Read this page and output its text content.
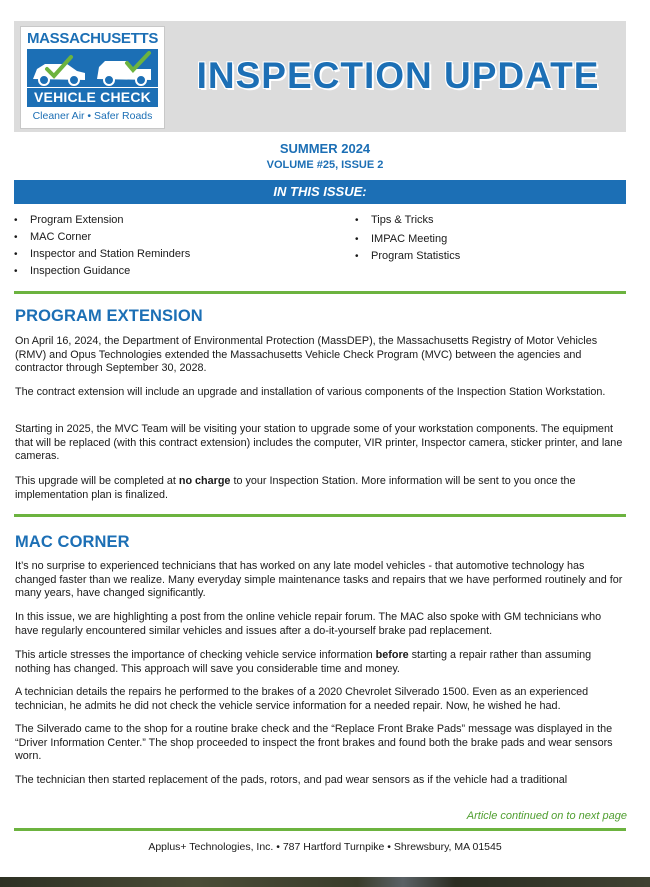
MASSACHUSETTS
VEHICLE CHECK
Cleaner Air • Safer Roads
INSPECTION UPDATE
SUMMER 2024
VOLUME #25, ISSUE 2
IN THIS ISSUE:
• Program Extension
• MAC Corner
• Inspector and Station Reminders
• Inspection Guidance
• Tips & Tricks
• IMPAC Meeting
• Program Statistics
PROGRAM EXTENSION

On April 16, 2024, the Department of Environmental Protection (MassDEP), the Massachusetts Registry of Motor Vehicles (RMV) and Opus Technologies extended the Massachusetts Vehicle Check Program (MVC) between the agencies and contractor through September 30, 2028.

The contract extension will include an upgrade and installation of various components of the Inspection Station Workstation.

Starting in 2025, the MVC Team will be visiting your station to upgrade some of your workstation components. The equipment that will be replaced (with this contract extension) includes the computer, VIR printer, Inspector camera, sticker printer, and lane cameras.

This upgrade will be completed at no charge to your Inspection Station. More information will be sent to you once the implementation plan is finalized.

MAC CORNER

It’s no surprise to experienced technicians that has worked on any late model vehicles - that automotive technology has changed faster than we realize. Many everyday simple maintenance tasks and repairs that we have performed routinely and for many years, have changed significantly.

In this issue, we are highlighting a post from the online vehicle repair forum. The MAC also spoke with GM technicians who have regularly encountered similar vehicles and issues after a do-it-yourself brake pad replacement.

This article stresses the importance of checking vehicle service information before starting a repair rather than assuming nothing has changed. This approach will save you considerable time and money.

A technician details the repairs he performed to the brakes of a 2020 Chevrolet Silverado 1500. Even as an experienced technician, he admits he did not check the vehicle service information for a needed repair. Now, he wished he had.

The Silverado came to the shop for a routine brake check and the “Replace Front Brake Pads” message was displayed in the “Driver Information Center.” The shop proceeded to inspect the front brakes and found both the brake pads and wear sensors worn.

The technician then started replacement of the pads, rotors, and pad wear sensors as if the vehicle had a traditional

Article continued on to next page
Applus+ Technologies, Inc. • 787 Hartford Turnpike • Shrewsbury, MA 01545
